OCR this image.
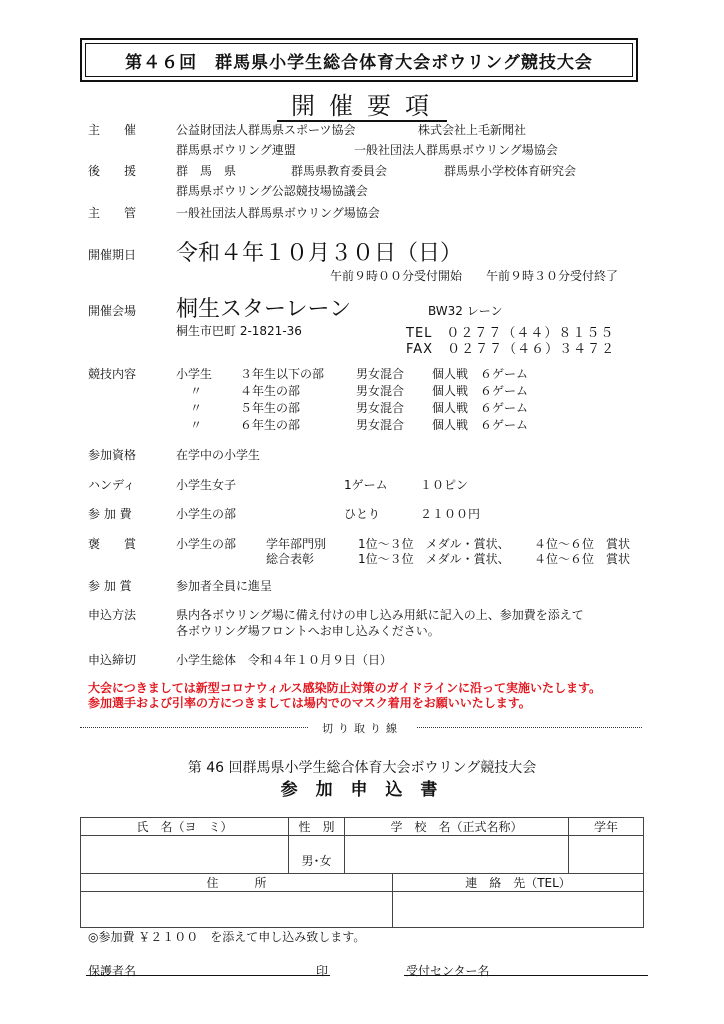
第４６回　群馬県小学生総合体育大会ボウリング競技大会
開催要項
主　　催	公益財団法人群馬県スポーツ協会	株式会社上毛新聞社
群馬県ボウリング連盟	一般社団法人群馬県ボウリング場協会
後　　援	群　馬　県	群馬県教育委員会	群馬県小学校体育研究会
群馬県ボウリング公認競技場協議会
主　　管	一般社団法人群馬県ボウリング場協会
開催期日 令和４年１０月３０日（日）
午前９時００分受付開始　　午前９時３０分受付終了
開催会場 桐生スターレーン	BW32 レーン
桐生市巴町 2-1821-36	TEL　０２７７（４４）８１５５
FAX　０２７７（４６）３４７２
競技内容	小学生 ３年生以下の部	男女混合 個人戦　６ゲーム
〃	４年生の部	男女混合 個人戦　６ゲーム
〃	５年生の部	男女混合 個人戦　６ゲーム
〃	６年生の部	男女混合 個人戦　６ゲーム
参加資格	在学中の小学生
ハンディ	小学生女子	1ゲーム	１０ピン
参 加 費	小学生の部	ひとり	２１００円
褒　　賞	小学生の部 学年部門別	1位〜３位　メダル・賞状、 ４位〜６位　賞状
総合表彰	1位〜３位　メダル・賞状、 ４位〜６位　賞状
参 加 賞	参加者全員に進呈
申込方法	県内各ボウリング場に備え付けの申し込み用紙に記入の上、参加費を添えて
各ボウリング場フロントへお申し込みください。
申込締切	小学生総体　令和４年１０月９日（日）
大会につきましては新型コロナウィルス感染防止対策のガイドラインに沿って実施いたします。
参加選手および引率の方につきましては場内でのマスク着用をお願いいたします。
切り取り線
第 46 回群馬県小学生総合体育大会ボウリング競技大会
参 加 申 込 書
氏　名（ヨ　ミ）	性　別	学　校　名（正式名称）		学年
	男･女			
住　　　所			連　絡　先（TEL）	

◎参加費 ￥２１００　を添えて申し込み致します。
保護者名	印	受付センター名
